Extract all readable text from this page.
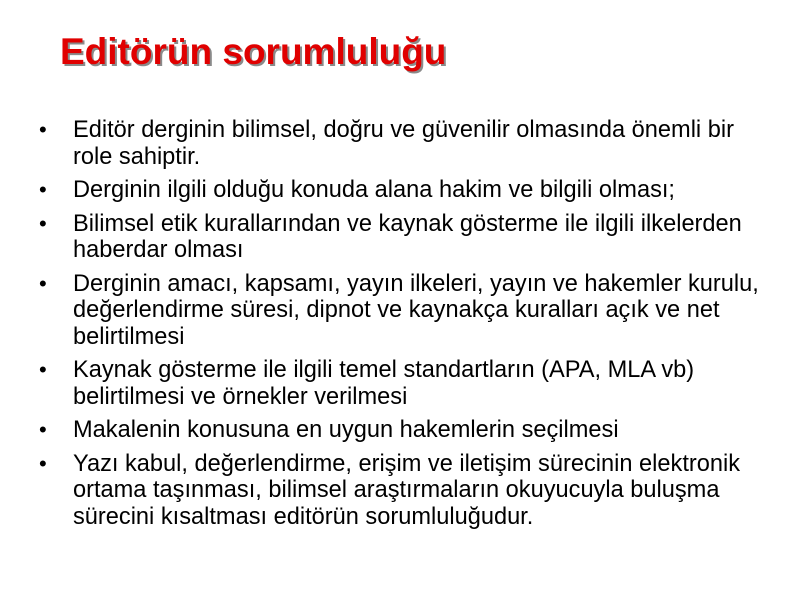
Editörün sorumluluğu
• Editör derginin bilimsel, doğru ve güvenilir olmasında önemli bir role sahiptir.
• Derginin ilgili olduğu konuda alana hakim ve bilgili olması;
• Bilimsel etik kurallarından ve kaynak gösterme ile ilgili ilkelerden haberdar olması
• Derginin amacı, kapsamı, yayın ilkeleri, yayın ve hakemler kurulu, değerlendirme süresi, dipnot ve kaynakça kuralları açık ve net belirtilmesi
• Kaynak gösterme ile ilgili temel standartların (APA, MLA vb) belirtilmesi ve örnekler verilmesi
• Makalenin konusuna en uygun hakemlerin seçilmesi
• Yazı kabul, değerlendirme, erişim ve iletişim sürecinin elektronik ortama taşınması, bilimsel araştırmaların okuyucuyla buluşma sürecini kısaltması editörün sorumluluğudur.
